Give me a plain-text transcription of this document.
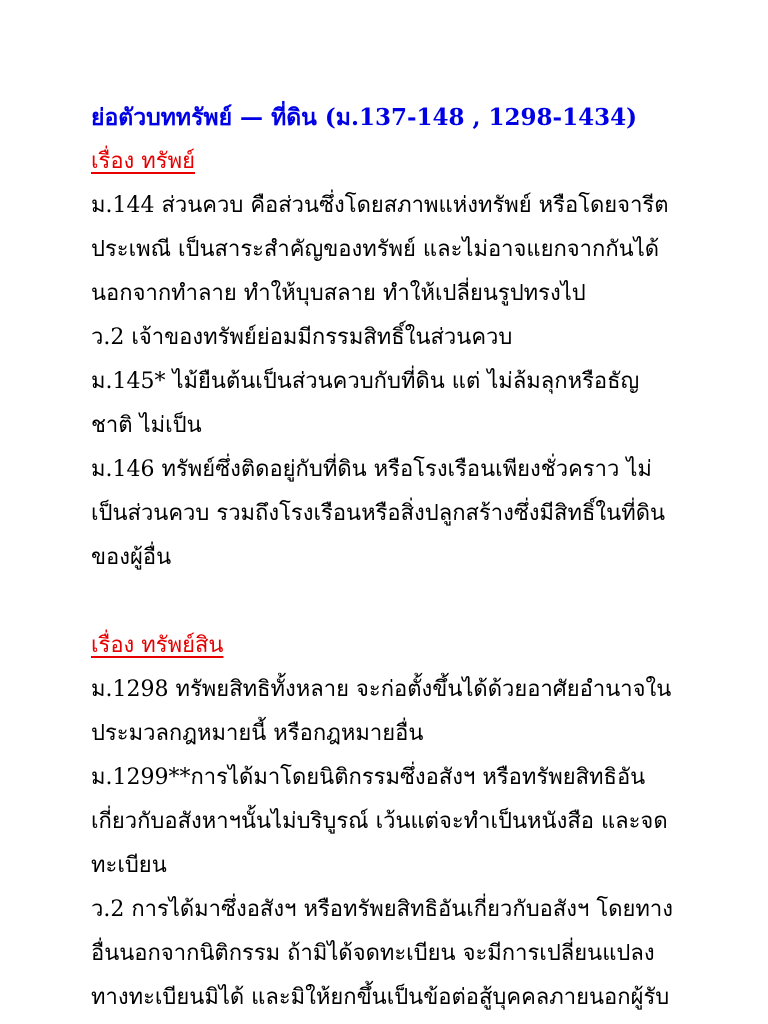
ย่อตัวบททรัพย์ — ที่ดิน (ม.137-148 , 1298-1434)
เรื่อง ทรัพย์
ม.144 ส่วนควบ คือส่วนซึ่งโดยสภาพแห่งทรัพย์ หรือโดยจารีต
ประเพณี เป็นสาระสำคัญของทรัพย์ และไม่อาจแยกจากกันได้
นอกจากทำลาย ทำให้บุบสลาย ทำให้เปลี่ยนรูปทรงไป
ว.2 เจ้าของทรัพย์ย่อมมีกรรมสิทธิ์ในส่วนควบ
ม.145* ไม้ยืนต้นเป็นส่วนควบกับที่ดิน แต่ ไม่ล้มลุกหรือธัญ
ชาติ ไม่เป็น
ม.146 ทรัพย์ซึ่งติดอยู่กับที่ดิน หรือโรงเรือนเพียงชั่วคราว ไม่
เป็นส่วนควบ รวมถึงโรงเรือนหรือสิ่งปลูกสร้างซึ่งมีสิทธิ์ในที่ดิน
ของผู้อื่น
เรื่อง ทรัพย์สิน
ม.1298 ทรัพยสิทธิทั้งหลาย จะก่อตั้งขึ้นได้ด้วยอาศัยอำนาจใน
ประมวลกฎหมายนี้ หรือกฎหมายอื่น
ม.1299**การได้มาโดยนิติกรรมซึ่งอสังฯ หรือทรัพยสิทธิอัน
เกี่ยวกับอสังหาฯนั้นไม่บริบูรณ์ เว้นแต่จะทำเป็นหนังสือ และจด
ทะเบียน
ว.2 การได้มาซึ่งอสังฯ หรือทรัพยสิทธิอันเกี่ยวกับอสังฯ โดยทาง
อื่นนอกจากนิติกรรม ถ้ามิได้จดทะเบียน จะมีการเปลี่ยนแปลง
ทางทะเบียนมิได้ และมิให้ยกขึ้นเป็นข้อต่อสู้บุคคลภายนอกผู้รับ
